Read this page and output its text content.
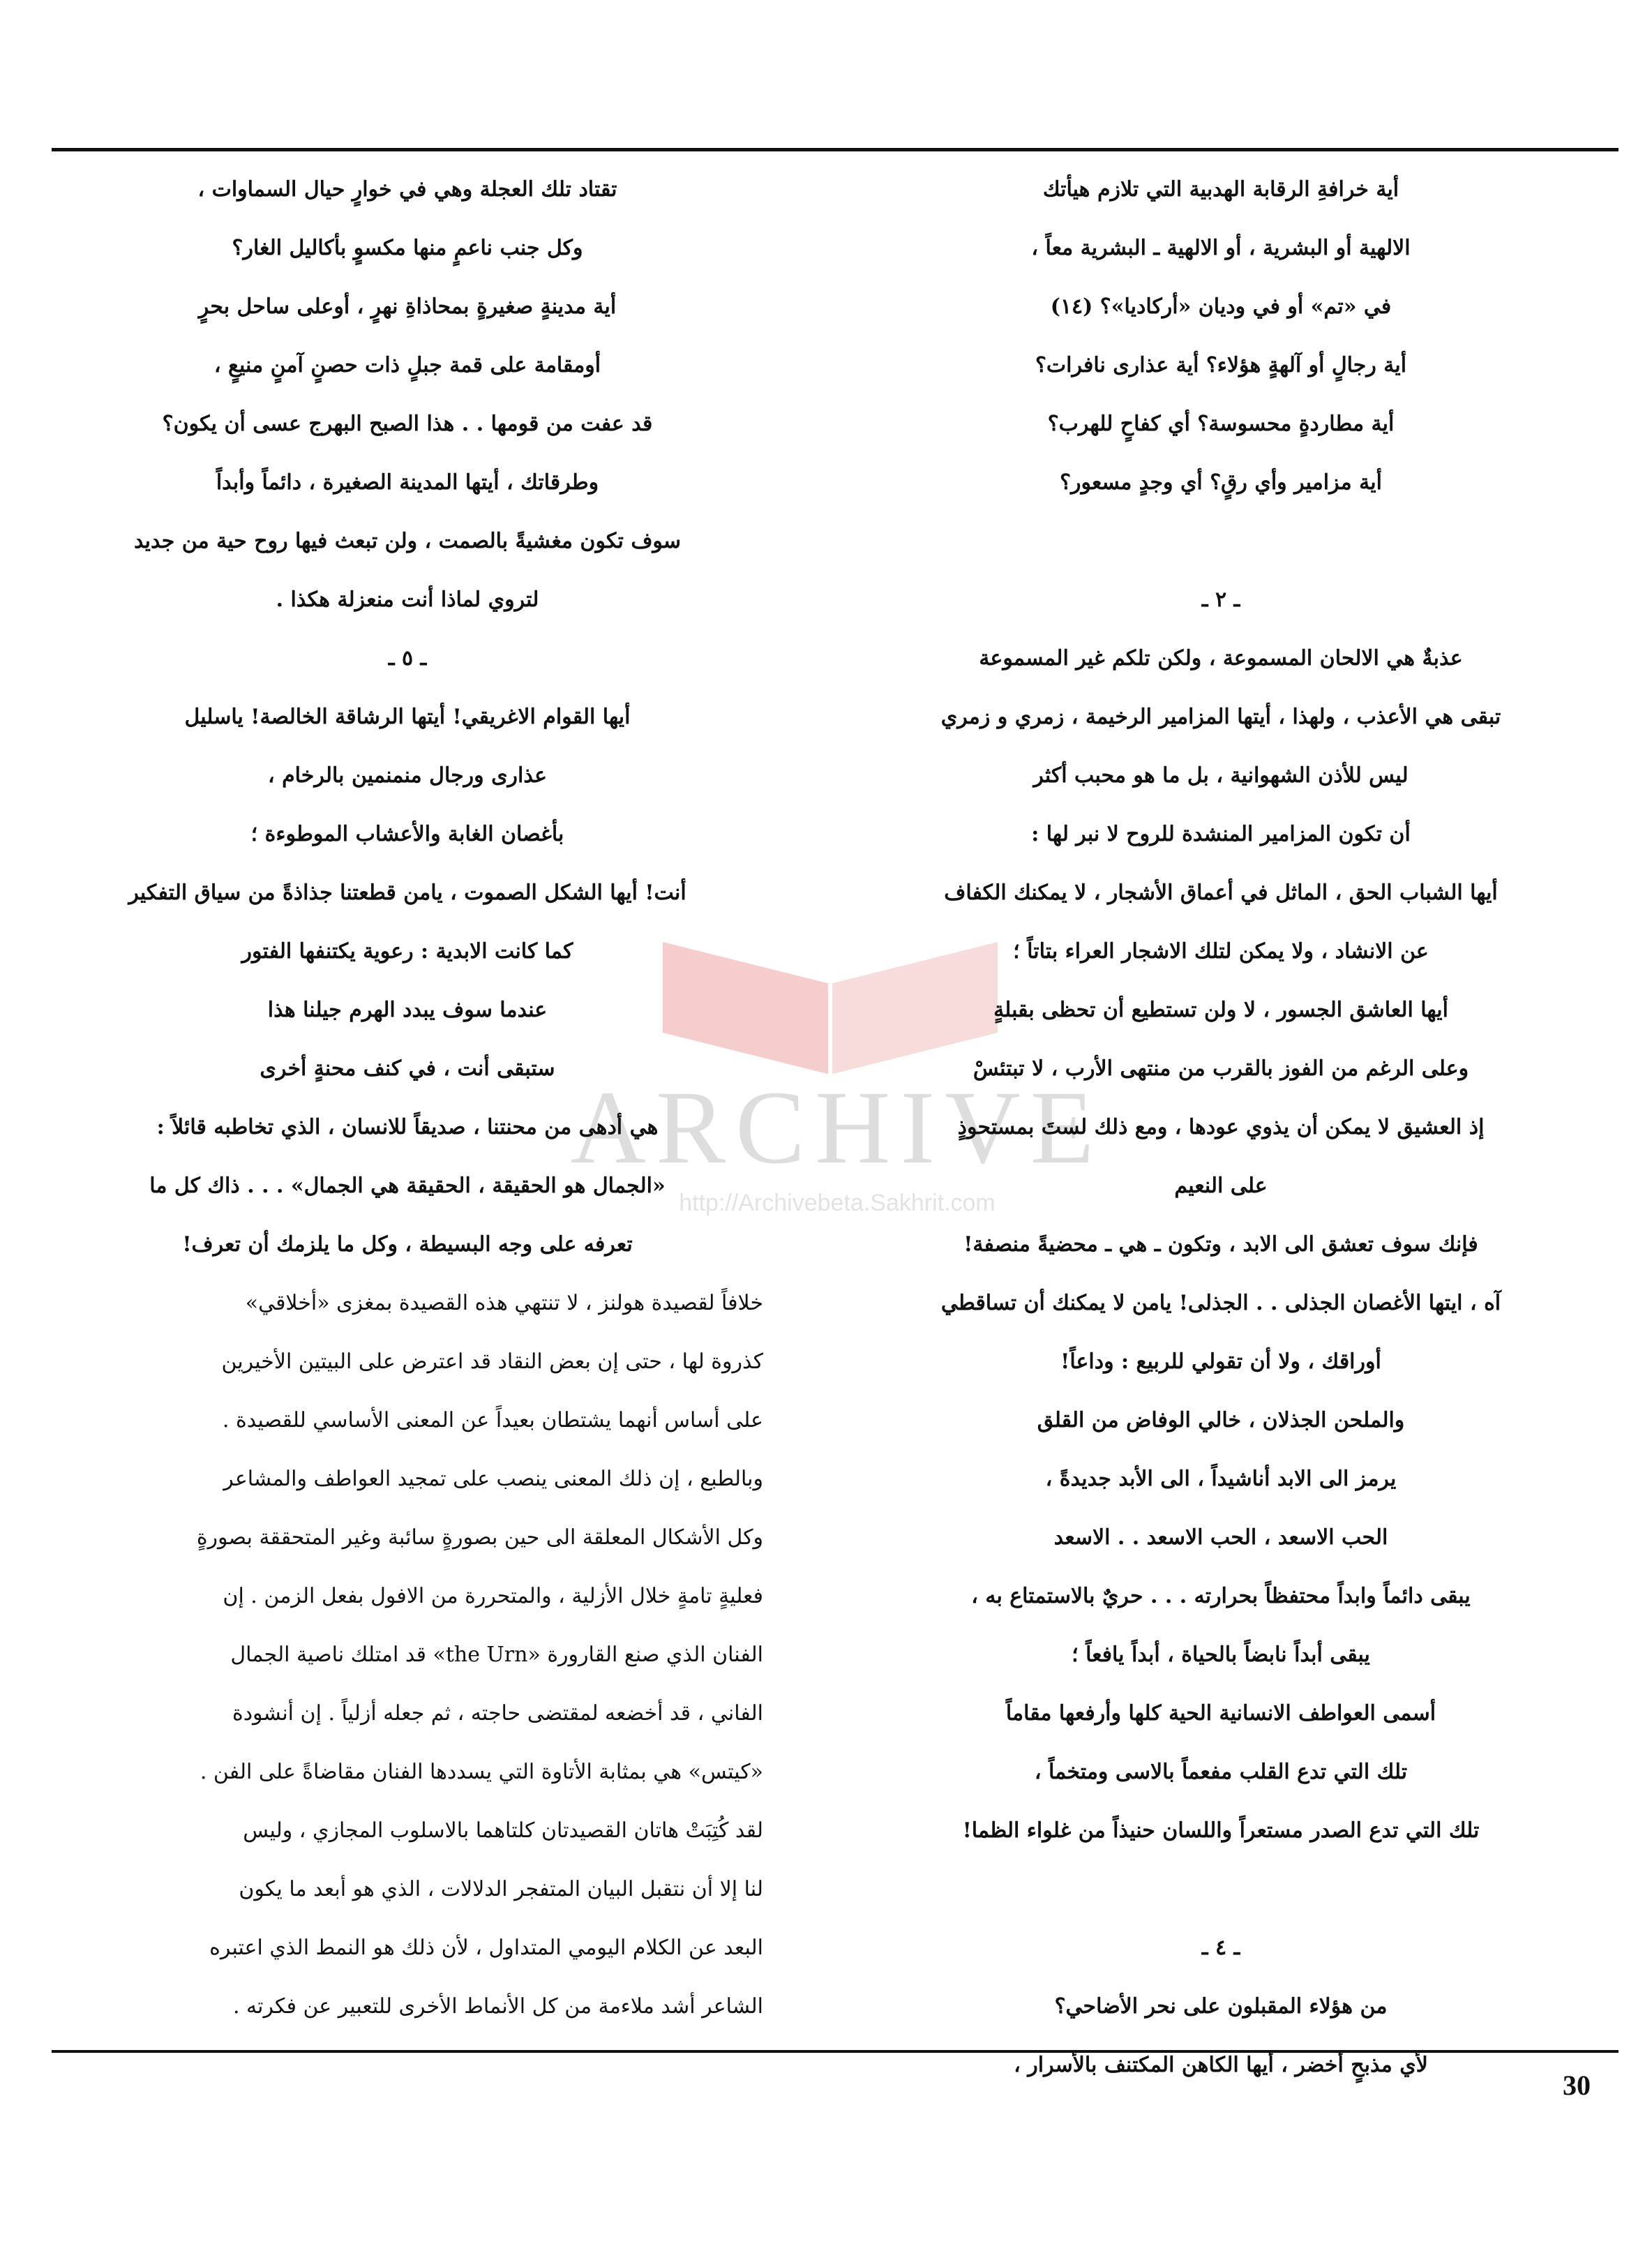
ARCHIVE
http://Archivebeta.Sakhrit.com
أية خرافةِ الرقابة الهدبية التي تلازم هيأتك
الالهية أو البشرية ، أو الالهية ـ البشرية معاً ،
في «تم» أو في وديان «أركاديا»؟ (١٤)
أية رجالٍ أو آلهةٍ هؤلاء؟ أية عذارى نافرات؟
أية مطاردةٍ محسوسة؟ أي كفاحٍ للهرب؟
أية مزامير وأي رقٍ؟ أي وجدٍ مسعور؟
ـ ٢ ـ
عذبةٌ هي الالحان المسموعة ، ولكن تلكم غير المسموعة
تبقى هي الأعذب ، ولهذا ، أيتها المزامير الرخيمة ، زمري و زمري
ليس للأذن الشهوانية ، بل ما هو محبب أكثر
أن تكون المزامير المنشدة للروح لا نبر لها :
أيها الشباب الحق ، الماثل في أعماق الأشجار ، لا يمكنك الكفاف
عن الانشاد ، ولا يمكن لتلك الاشجار العراء بتاتاً ؛
أيها العاشق الجسور ، لا ولن تستطيع أن تحظى بقبلةٍ
وعلى الرغم من الفوز بالقرب من منتهى الأرب ، لا تبتئسْ
إذ العشيق لا يمكن أن يذوي عودها ، ومع ذلك لستَ بمستحوذٍ
على النعيم
فإنك سوف تعشق الى الابد ، وتكون ـ هي ـ محضيةً منصفة!
آه ، ايتها الأغصان الجذلى . . الجذلى! يامن لا يمكنك أن تساقطي
أوراقك ، ولا أن تقولي للربيع : وداعاً!
والملحن الجذلان ، خالي الوفاض من القلق
يرمز الى الابد أناشيداً ، الى الأبد جديدةً ،
الحب الاسعد ، الحب الاسعد . . الاسعد
يبقى دائماً وابداً محتفظاً بحرارته . . . حريٌ بالاستمتاع به ،
يبقى أبداً نابضاً بالحياة ، أبداً يافعاً ؛
أسمى العواطف الانسانية الحية كلها وأرفعها مقاماً
تلك التي تدع القلب مفعماً بالاسى ومتخماً ،
تلك التي تدع الصدر مستعراً واللسان حنيذاً من غلواء الظما!
ـ ٤ ـ
من هؤلاء المقبلون على نحر الأضاحي؟
لأي مذبحٍ أخضر ، أيها الكاهن المكتنف بالأسرار ،
تقتاد تلك العجلة وهي في خوارٍ حيال السماوات ،
وكل جنب ناعمٍ منها مكسوٍ بأكاليل الغار؟
أية مدينةٍ صغيرةٍ بمحاذاةِ نهرٍ ، أوعلى ساحل بحرٍ
أومقامة على قمة جبلٍ ذات حصنٍ آمنٍ منيعٍ ،
قد عفت من قومها . . هذا الصبح البهرج عسى أن يكون؟
وطرقاتك ، أيتها المدينة الصغيرة ، دائماً وأبداً
سوف تكون مغشيةً بالصمت ، ولن تبعث فيها روح حية من جديد
لتروي لماذا أنت منعزلة هكذا .
ـ ٥ ـ
أيها القوام الاغريقي! أيتها الرشاقة الخالصة! ياسليل
عذارى ورجال منمنمين بالرخام ،
بأغصان الغابة والأعشاب الموطوءة ؛
أنت! أيها الشكل الصموت ، يامن قطعتنا جذاذةً من سياق التفكير
كما كانت الابدية : رعوية يكتنفها الفتور
عندما سوف يبدد الهرم جيلنا هذا
ستبقى أنت ، في كنف محنةٍ أخرى
هي أدهى من محنتنا ، صديقاً للانسان ، الذي تخاطبه قائلاً :
«الجمال هو الحقيقة ، الحقيقة هي الجمال» . . . ذاك كل ما
تعرفه على وجه البسيطة ، وكل ما يلزمك أن تعرف!
خلافاً لقصيدة هولنز ، لا تنتهي هذه القصيدة بمغزى «أخلاقي»
كذروة لها ، حتى إن بعض النقاد قد اعترض على البيتين الأخيرين
على أساس أنهما يشتطان بعيداً عن المعنى الأساسي للقصيدة .
وبالطبع ، إن ذلك المعنى ينصب على تمجيد العواطف والمشاعر
وكل الأشكال المعلقة الى حين بصورةٍ سائبة وغير المتحققة بصورةٍ
فعليةٍ تامةٍ خلال الأزلية ، والمتحررة من الافول بفعل الزمن . إن
الفنان الذي صنع القارورة «the Urn» قد امتلك ناصية الجمال
الفاني ، قد أخضعه لمقتضى حاجته ، ثم جعله أزلياً . إن أنشودة
«كيتس» هي بمثابة الأتاوة التي يسددها الفنان مقاضاةً على الفن .
لقد كُتِبَتْ هاتان القصيدتان كلتاهما بالاسلوب المجازي ، وليس
لنا إلا أن نتقبل البيان المتفجر الدلالات ، الذي هو أبعد ما يكون
البعد عن الكلام اليومي المتداول ، لأن ذلك هو النمط الذي اعتبره
الشاعر أشد ملاءمة من كل الأنماط الأخرى للتعبير عن فكرته .
30
